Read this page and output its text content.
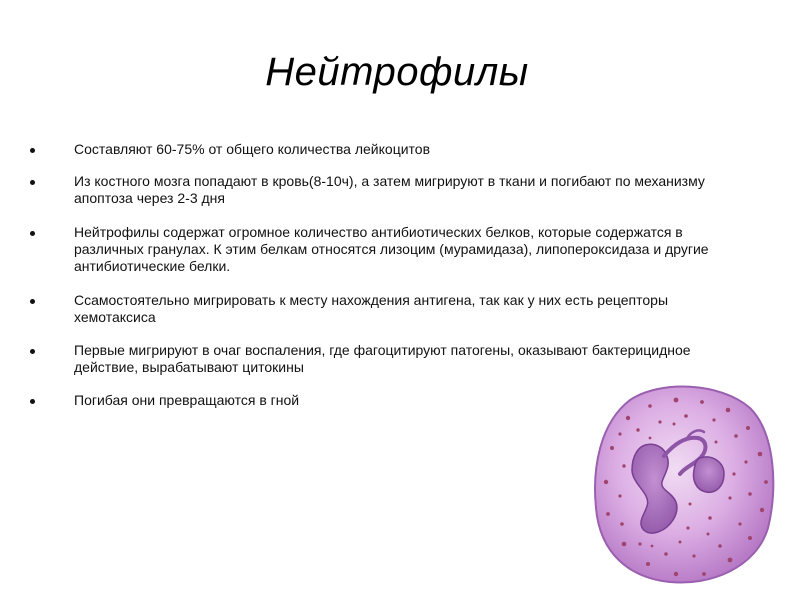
Нейтрофилы
Составляют 60-75% от общего количества лейкоцитов
Из костного мозга попадают в кровь(8-10ч), а затем мигрируют в ткани и погибают по механизму апоптоза через 2-3 дня
Нейтрофилы содержат огромное количество антибиотических белков, которые содержатся в различных гранулах. К этим белкам относятся лизоцим (мурамидаза), липопероксидаза и другие антибиотические белки.
Ссамостоятельно мигрировать к месту нахождения антигена, так как у них есть рецепторы хемотаксиса
Первые мигрируют в очаг воспаления, где фагоцитируют патогены, оказывают бактерицидное действие, вырабатывают цитокины
Погибая они превращаются в гной
